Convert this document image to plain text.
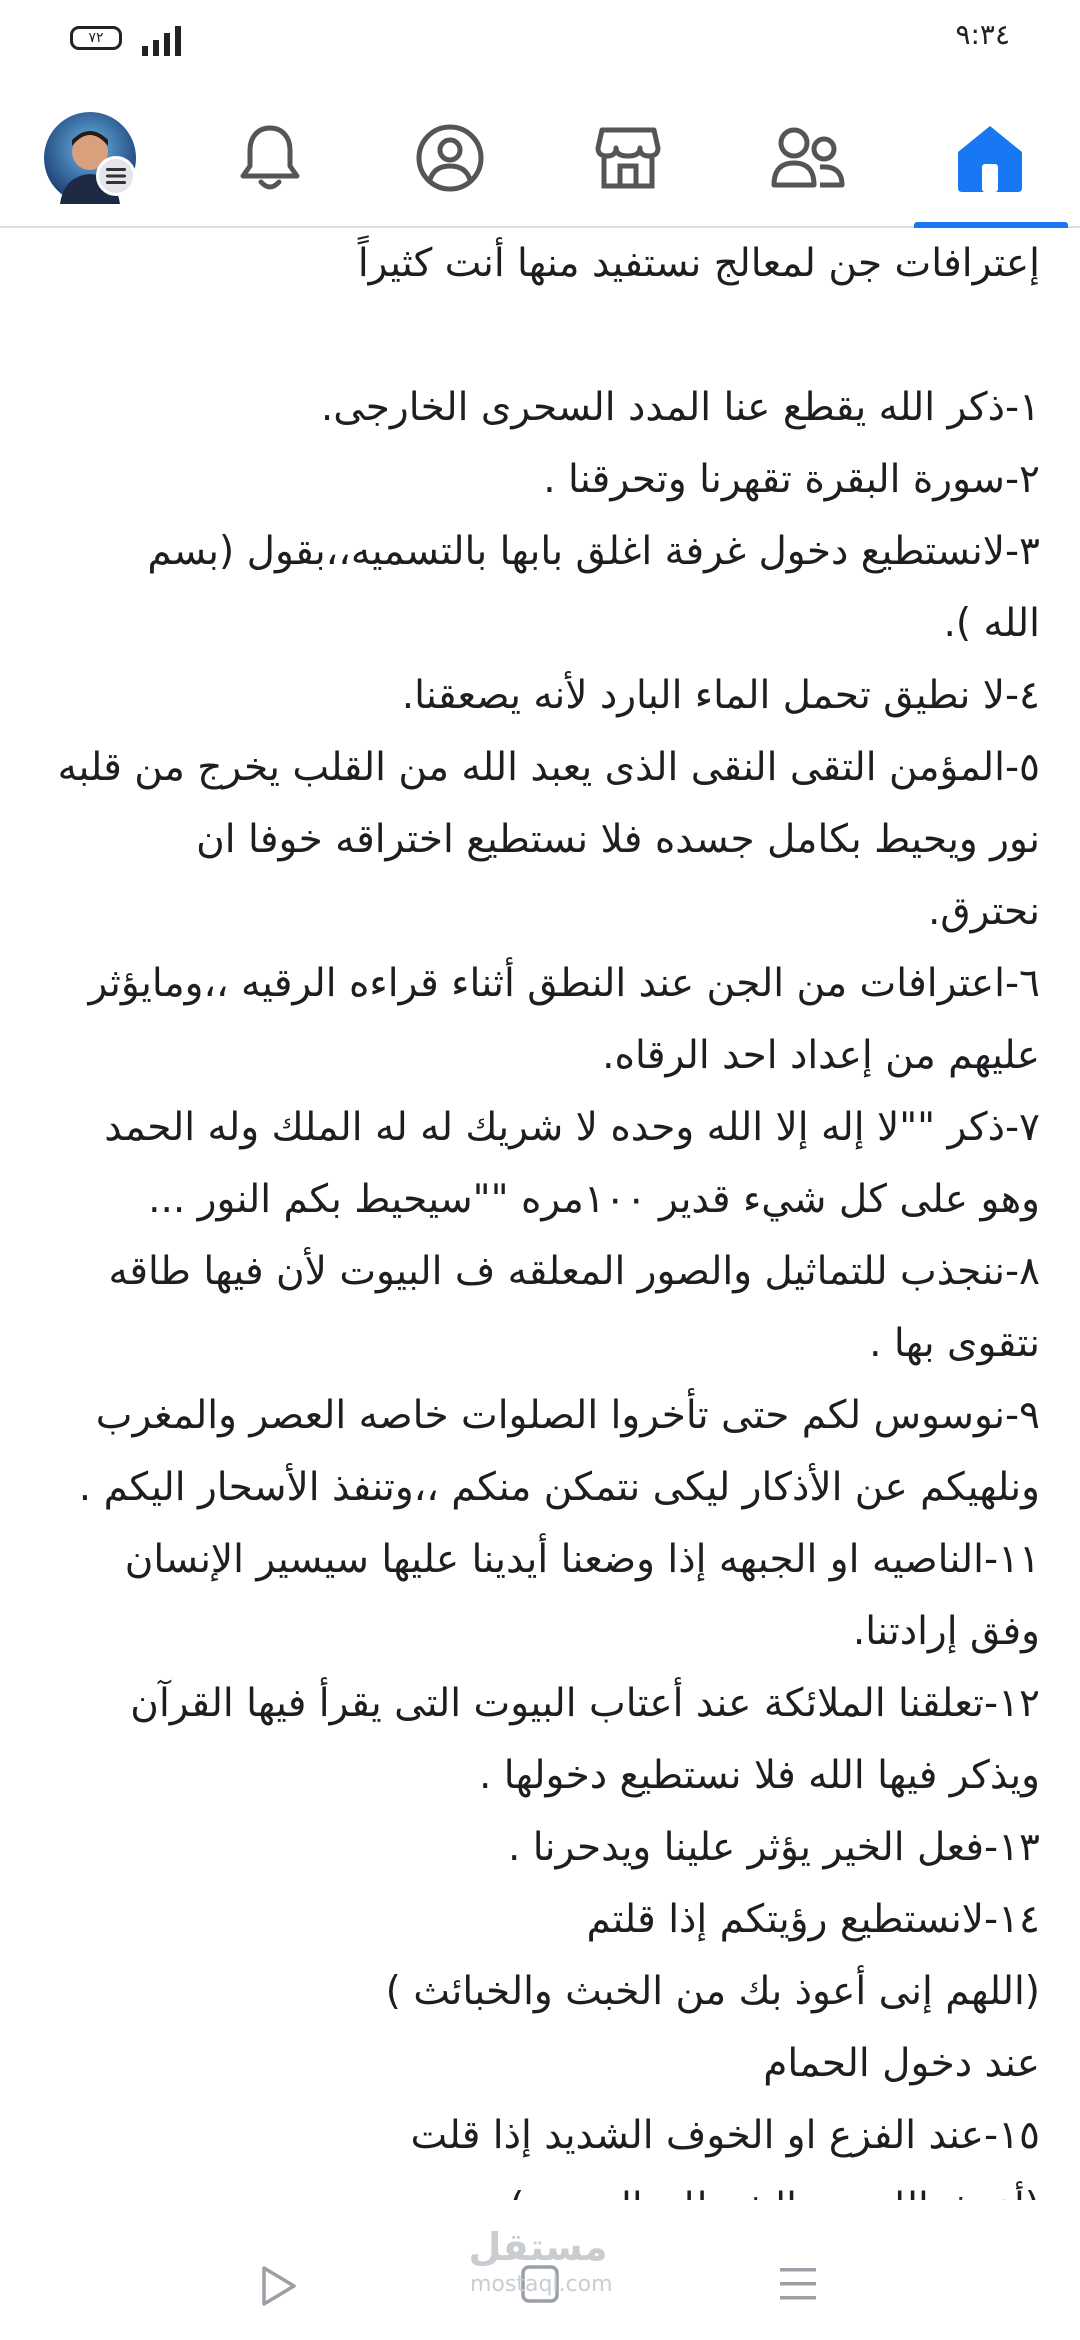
٧٢	٩:٣٤

إعترافات جن لمعالج نستفيد منها أنت كثيراً

١-ذكر الله يقطع عنا المدد السحرى الخارجى.

٢-سورة البقرة تقهرنا وتحرقنا .

٣-لانستطيع دخول غرفة اغلق بابها بالتسميه،،بقول (بسم

الله ).

٤-لا نطيق تحمل الماء البارد لأنه يصعقنا.

٥-المؤمن التقى النقى الذى يعبد الله من القلب يخرج من قلبه

نور ويحيط بكامل جسده فلا نستطيع اختراقه خوفا ان

نحترق.

٦-اعترافات من الجن عند النطق أثناء قراءه الرقيه ،،ومايؤثر

عليهم من إعداد احد الرقاه.

٧-ذكر ""لا إله إلا الله وحده لا شريك له له الملك وله الحمد

وهو على كل شيء قدير ١٠٠مره ""سيحيط بكم النور ...

٨-ننجذب للتماثيل والصور المعلقه ف البيوت لأن فيها طاقه

نتقوى بها .

٩-نوسوس لكم حتى تأخروا الصلوات خاصه العصر والمغرب

ونلهيكم عن الأذكار ليكى نتمكن منكم ،،وتنفذ الأسحار اليكم .

١١-الناصيه او الجبهه إذا وضعنا أيدينا عليها سيسير الإنسان

وفق إرادتنا.

١٢-تعلقنا الملائكة عند أعتاب البيوت التى يقرأ فيها القرآن

ويذكر فيها الله فلا نستطيع دخولها .

١٣-فعل الخير يؤثر علينا ويدحرنا .

١٤-لانستطيع رؤيتكم إذا قلتم

(اللهم إنى أعوذ بك من الخبث والخبائث )

عند دخول الحمام

١٥-عند الفزع او الخوف الشديد إذا قلت

مستقل
mostaql.com
